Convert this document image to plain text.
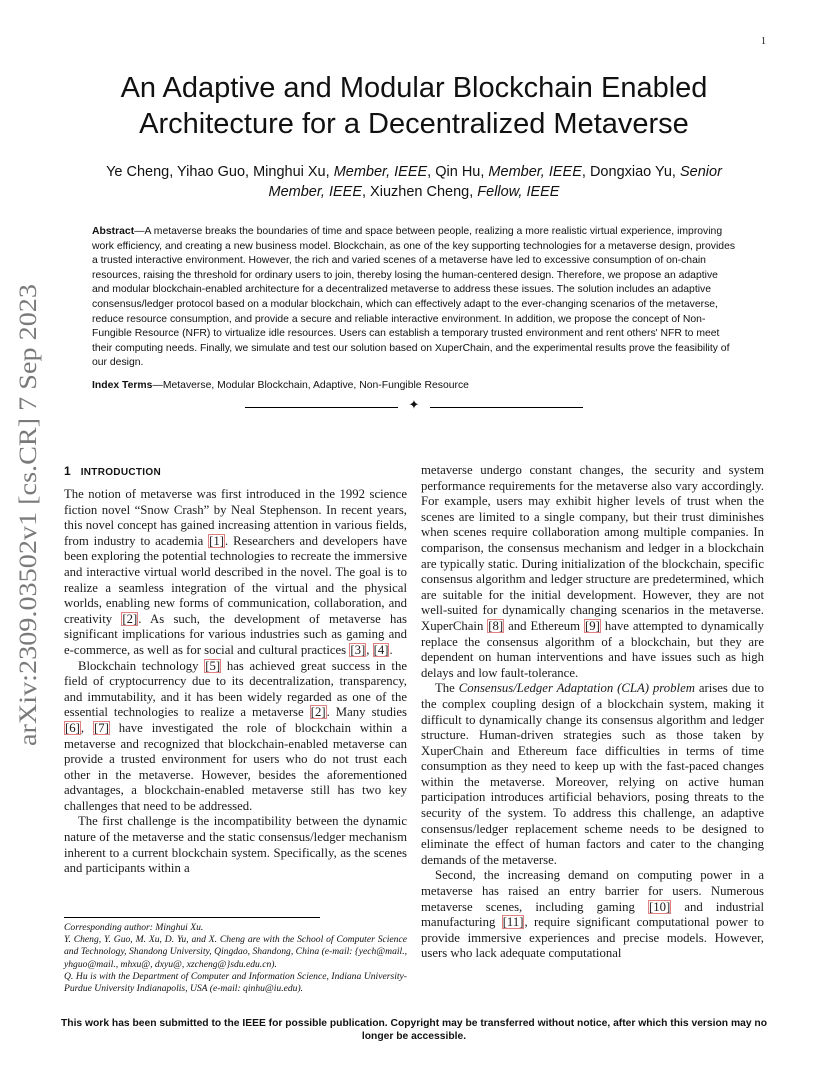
1
An Adaptive and Modular Blockchain Enabled
Architecture for a Decentralized Metaverse
Ye Cheng, Yihao Guo, Minghui Xu, Member, IEEE, Qin Hu, Member, IEEE, Dongxiao Yu, Senior
Member, IEEE, Xiuzhen Cheng, Fellow, IEEE
Abstract—A metaverse breaks the boundaries of time and space between people, realizing a more realistic virtual experience, improving work efficiency, and creating a new business model. Blockchain, as one of the key supporting technologies for a metaverse design, provides a trusted interactive environment. However, the rich and varied scenes of a metaverse have led to excessive consumption of on-chain resources, raising the threshold for ordinary users to join, thereby losing the human-centered design. Therefore, we propose an adaptive and modular blockchain-enabled architecture for a decentralized metaverse to address these issues. The solution includes an adaptive consensus/ledger protocol based on a modular blockchain, which can effectively adapt to the ever-changing scenarios of the metaverse, reduce resource consumption, and provide a secure and reliable interactive environment. In addition, we propose the concept of Non-Fungible Resource (NFR) to virtualize idle resources. Users can establish a temporary trusted environment and rent others' NFR to meet their computing needs. Finally, we simulate and test our solution based on XuperChain, and the experimental results prove the feasibility of our design.
Index Terms—Metaverse, Modular Blockchain, Adaptive, Non-Fungible Resource
✦
arXiv:2309.03502v1 [cs.CR] 7 Sep 2023 1 INTRODUCTION

The notion of metaverse was first introduced in the 1992 science fiction novel “Snow Crash” by Neal Stephenson. In recent years, this novel concept has gained increasing attention in various fields, from industry to academia [1]. Researchers and developers have been exploring the potential technologies to recreate the immersive and interactive virtual world described in the novel. The goal is to realize a seamless integration of the virtual and the physical worlds, enabling new forms of communication, collaboration, and creativity [2]. As such, the development of metaverse has significant implications for various industries such as gaming and e-commerce, as well as for social and cultural practices [3], [4].

Blockchain technology [5] has achieved great success in the field of cryptocurrency due to its decentralization, transparency, and immutability, and it has been widely regarded as one of the essential technologies to realize a metaverse [2]. Many studies [6], [7] have investigated the role of blockchain within a metaverse and recognized that blockchain-enabled metaverse can provide a trusted environment for users who do not trust each other in the metaverse. However, besides the aforementioned advantages, a blockchain-enabled metaverse still has two key challenges that need to be addressed.

The first challenge is the incompatibility between the dynamic nature of the metaverse and the static consensus/ledger mechanism inherent to a current blockchain system. Specifically, as the scenes and participants within a

Corresponding author: Minghui Xu.
Y. Cheng, Y. Guo, M. Xu, D. Yu, and X. Cheng are with the School of Computer Science and Technology, Shandong University, Qingdao, Shandong, China (e-mail: {yech@mail., yhguo@mail., mhxu@, dxyu@, xzcheng@}sdu.edu.cn).
Q. Hu is with the Department of Computer and Information Science, Indiana University-Purdue University Indianapolis, USA (e-mail: qinhu@iu.edu).

metaverse undergo constant changes, the security and system performance requirements for the metaverse also vary accordingly. For example, users may exhibit higher levels of trust when the scenes are limited to a single company, but their trust diminishes when scenes require collaboration among multiple companies. In comparison, the consensus mechanism and ledger in a blockchain are typically static. During initialization of the blockchain, specific consensus algorithm and ledger structure are predetermined, which are suitable for the initial development. However, they are not well-suited for dynamically changing scenarios in the metaverse. XuperChain [8] and Ethereum [9] have attempted to dynamically replace the consensus algorithm of a blockchain, but they are dependent on human interventions and have issues such as high delays and low fault-tolerance.

The Consensus/Ledger Adaptation (CLA) problem arises due to the complex coupling design of a blockchain system, making it difficult to dynamically change its consensus algorithm and ledger structure. Human-driven strategies such as those taken by XuperChain and Ethereum face difficulties in terms of time consumption as they need to keep up with the fast-paced changes within the metaverse. Moreover, relying on active human participation introduces artificial behaviors, posing threats to the security of the system. To address this challenge, an adaptive consensus/ledger replacement scheme needs to be designed to eliminate the effect of human factors and cater to the changing demands of the metaverse.

Second, the increasing demand on computing power in a metaverse has raised an entry barrier for users. Numerous metaverse scenes, including gaming [10] and industrial manufacturing [11], require significant computational power to provide immersive experiences and precise models. However, users who lack adequate computational

This work has been submitted to the IEEE for possible publication. Copyright may be transferred without notice, after which this version may no longer be accessible.
